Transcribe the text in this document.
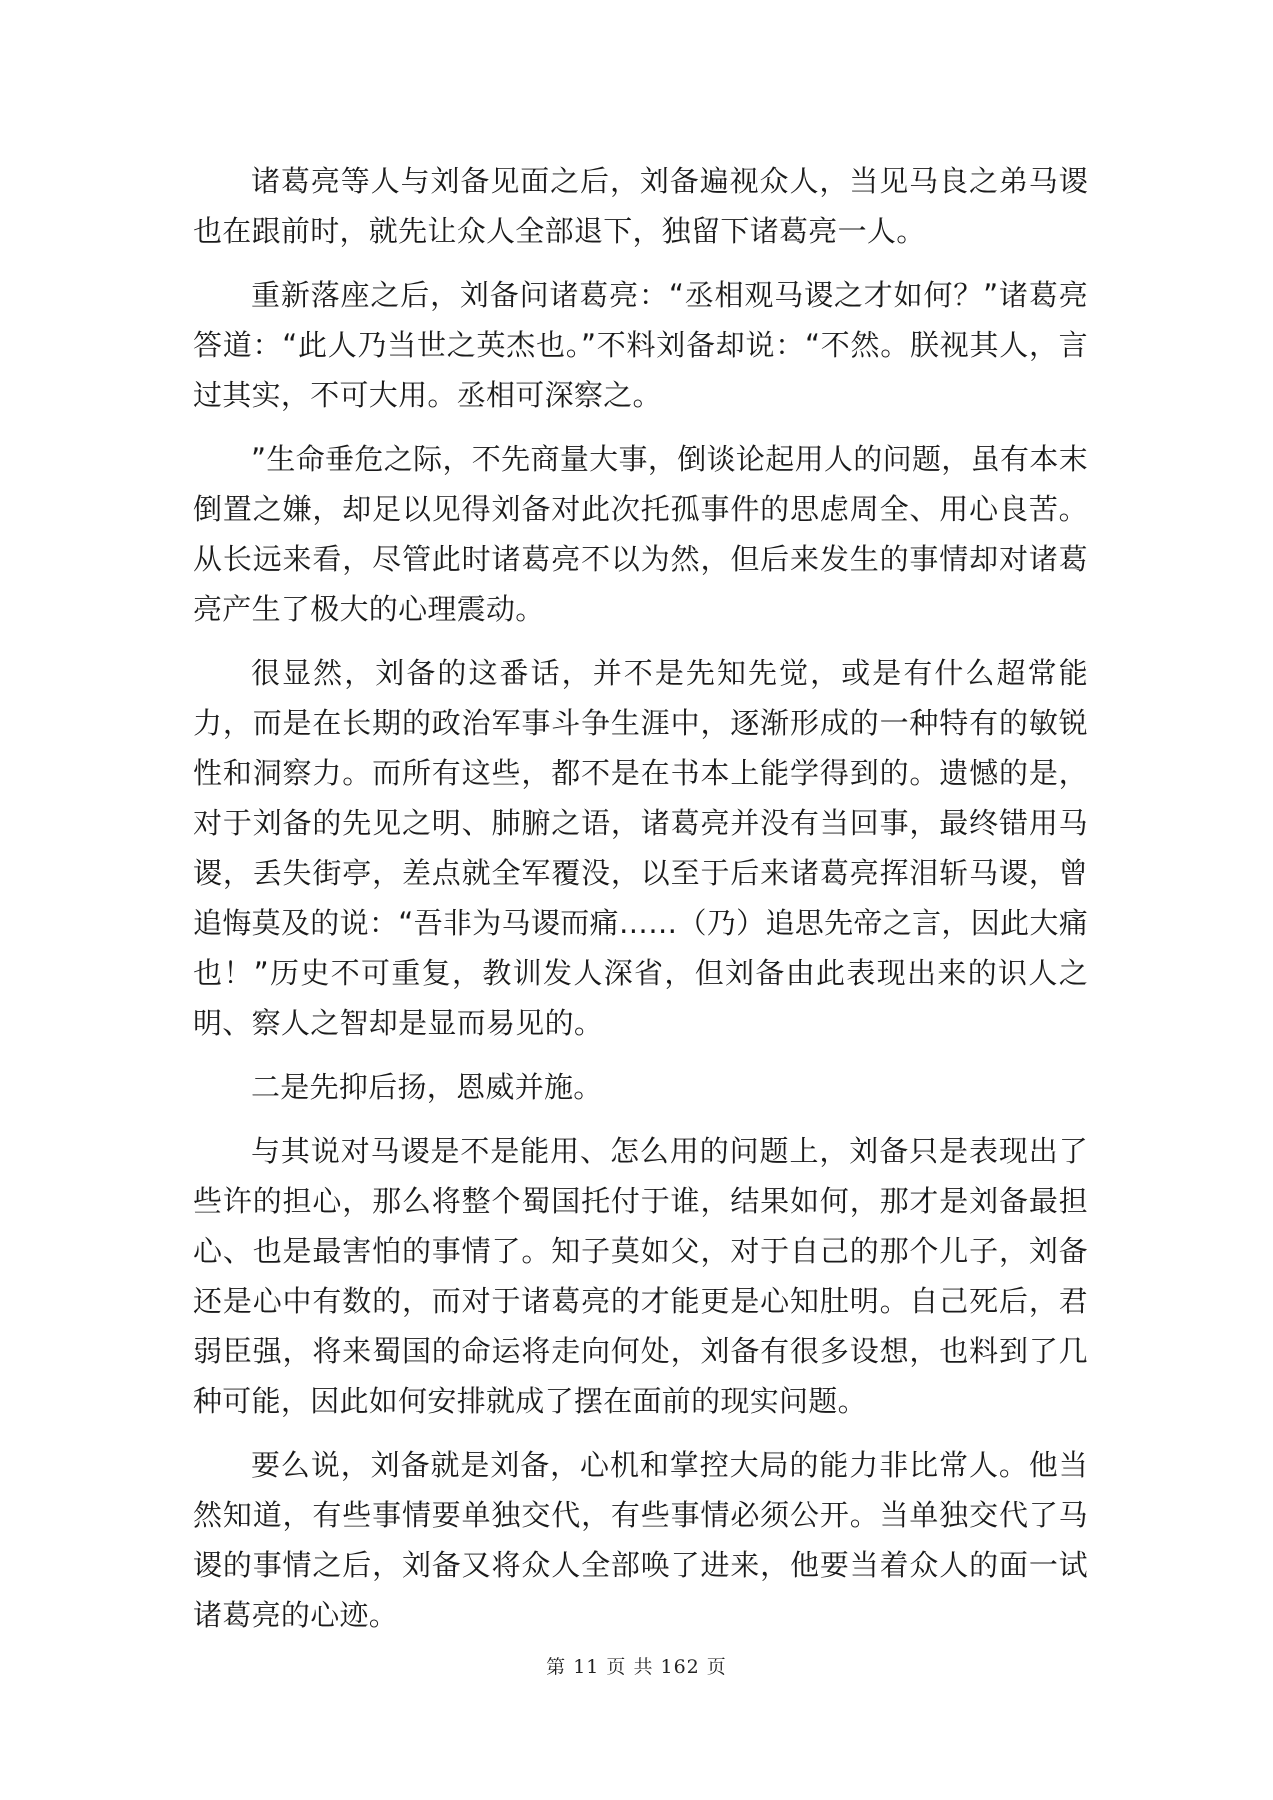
诸葛亮等人与刘备见面之后，刘备遍视众人，当见马良之弟马谡也在跟前时，就先让众人全部退下，独留下诸葛亮一人。

重新落座之后，刘备问诸葛亮：“丞相观马谡之才如何？”诸葛亮答道：“此人乃当世之英杰也。”不料刘备却说：“不然。朕视其人，言过其实，不可大用。丞相可深察之。

”生命垂危之际，不先商量大事，倒谈论起用人的问题，虽有本末倒置之嫌，却足以见得刘备对此次托孤事件的思虑周全、用心良苦。从长远来看，尽管此时诸葛亮不以为然，但后来发生的事情却对诸葛亮产生了极大的心理震动。

很显然，刘备的这番话，并不是先知先觉，或是有什么超常能力，而是在长期的政治军事斗争生涯中，逐渐形成的一种特有的敏锐性和洞察力。而所有这些，都不是在书本上能学得到的。遗憾的是，对于刘备的先见之明、肺腑之语，诸葛亮并没有当回事，最终错用马谡，丢失街亭，差点就全军覆没，以至于后来诸葛亮挥泪斩马谡，曾追悔莫及的说：“吾非为马谡而痛……（乃）追思先帝之言，因此大痛也！”历史不可重复，教训发人深省，但刘备由此表现出来的识人之明、察人之智却是显而易见的。

二是先抑后扬，恩威并施。

与其说对马谡是不是能用、怎么用的问题上，刘备只是表现出了些许的担心，那么将整个蜀国托付于谁，结果如何，那才是刘备最担心、也是最害怕的事情了。知子莫如父，对于自己的那个儿子，刘备还是心中有数的，而对于诸葛亮的才能更是心知肚明。自己死后，君弱臣强，将来蜀国的命运将走向何处，刘备有很多设想，也料到了几种可能，因此如何安排就成了摆在面前的现实问题。

要么说，刘备就是刘备，心机和掌控大局的能力非比常人。他当然知道，有些事情要单独交代，有些事情必须公开。当单独交代了马谡的事情之后，刘备又将众人全部唤了进来，他要当着众人的面一试诸葛亮的心迹。

第 11 页 共 162 页
